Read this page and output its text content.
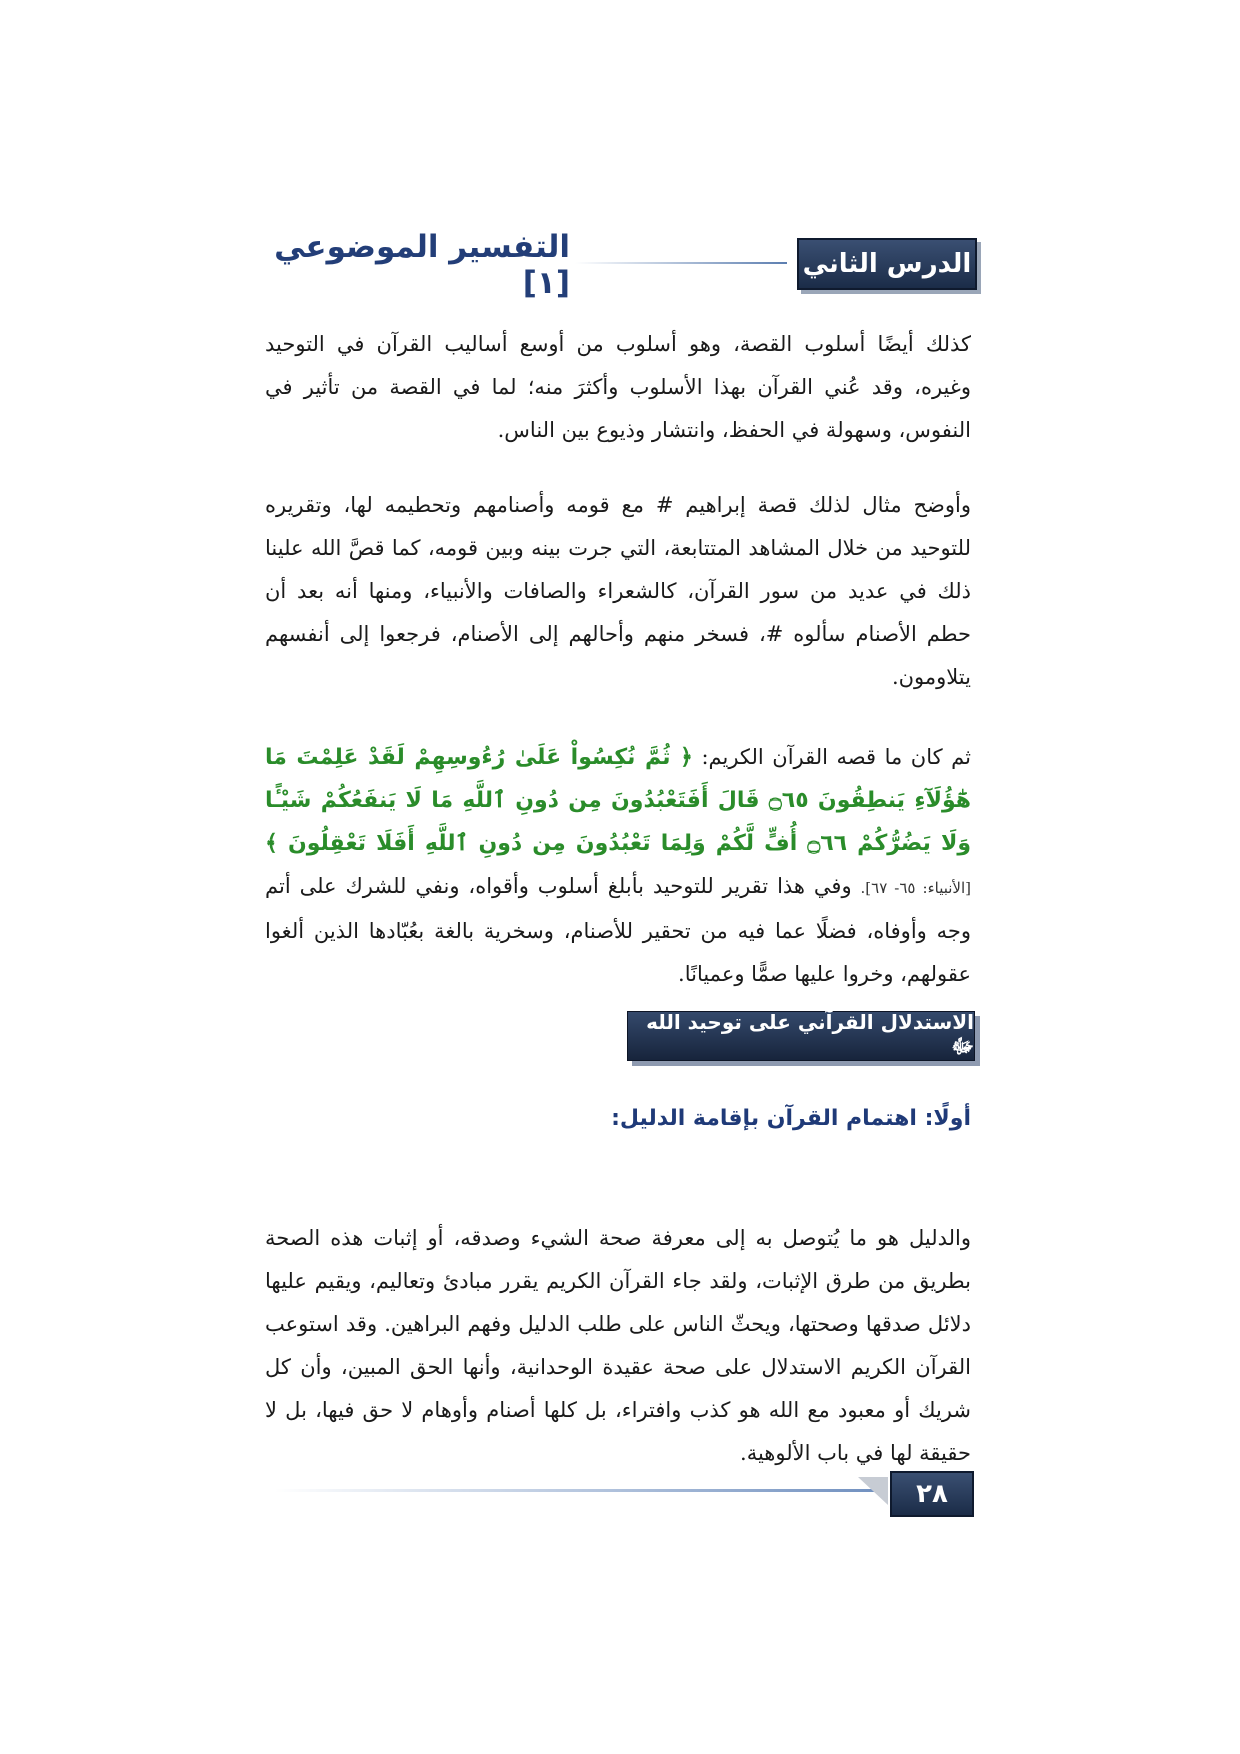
الدرس الثاني
التفسير الموضوعي [١]

كذلك أيضًا أسلوب القصة، وهو أسلوب من أوسع أساليب القرآن في التوحيد وغيره، وقد عُني القرآن بهذا الأسلوب وأكثرَ منه؛ لما في القصة من تأثير في النفوس، وسهولة في الحفظ، وانتشار وذيوع بين الناس.

وأوضح مثال لذلك قصة إبراهيم # مع قومه وأصنامهم وتحطيمه لها، وتقريره للتوحيد من خلال المشاهد المتتابعة، التي جرت بينه وبين قومه، كما قصَّ الله علينا ذلك في عديد من سور القرآن، كالشعراء والصافات والأنبياء، ومنها أنه بعد أن حطم الأصنام سألوه #، فسخر منهم وأحالهم إلى الأصنام، فرجعوا إلى أنفسهم يتلاومون.

ثم كان ما قصه القرآن الكريم: ﴿ ثُمَّ نُكِسُواْ عَلَىٰ رُءُوسِهِمْ لَقَدْ عَلِمْتَ مَا هَٰٓؤُلَآءِ يَنطِقُونَ ۝٦٥ قَالَ أَفَتَعْبُدُونَ مِن دُونِ ٱللَّهِ مَا لَا يَنفَعُكُمْ شَيْـًٔا وَلَا يَضُرُّكُمْ ۝٦٦ أُفٍّ لَّكُمْ وَلِمَا تَعْبُدُونَ مِن دُونِ ٱللَّهِ أَفَلَا تَعْقِلُونَ ﴾ [الأنبياء: ٦٥- ٦٧]. وفي هذا تقرير للتوحيد بأبلغ أسلوب وأقواه، ونفي للشرك على أتم وجه وأوفاه، فضلًا عما فيه من تحقير للأصنام، وسخرية بالغة بعُبّادها الذين ألغوا عقولهم، وخروا عليها صمًّا وعميانًا.

الاستدلال القرآني على توحيد الله ﷻ
أولًا: اهتمام القرآن بإقامة الدليل:

والدليل هو ما يُتوصل به إلى معرفة صحة الشيء وصدقه، أو إثبات هذه الصحة بطريق من طرق الإثبات، ولقد جاء القرآن الكريم يقرر مبادئ وتعاليم، ويقيم عليها دلائل صدقها وصحتها، ويحثّ الناس على طلب الدليل وفهم البراهين. وقد استوعب القرآن الكريم الاستدلال على صحة عقيدة الوحدانية، وأنها الحق المبين، وأن كل شريك أو معبود مع الله هو كذب وافتراء، بل كلها أصنام وأوهام لا حق فيها، بل لا حقيقة لها في باب الألوهية.

٢٨
